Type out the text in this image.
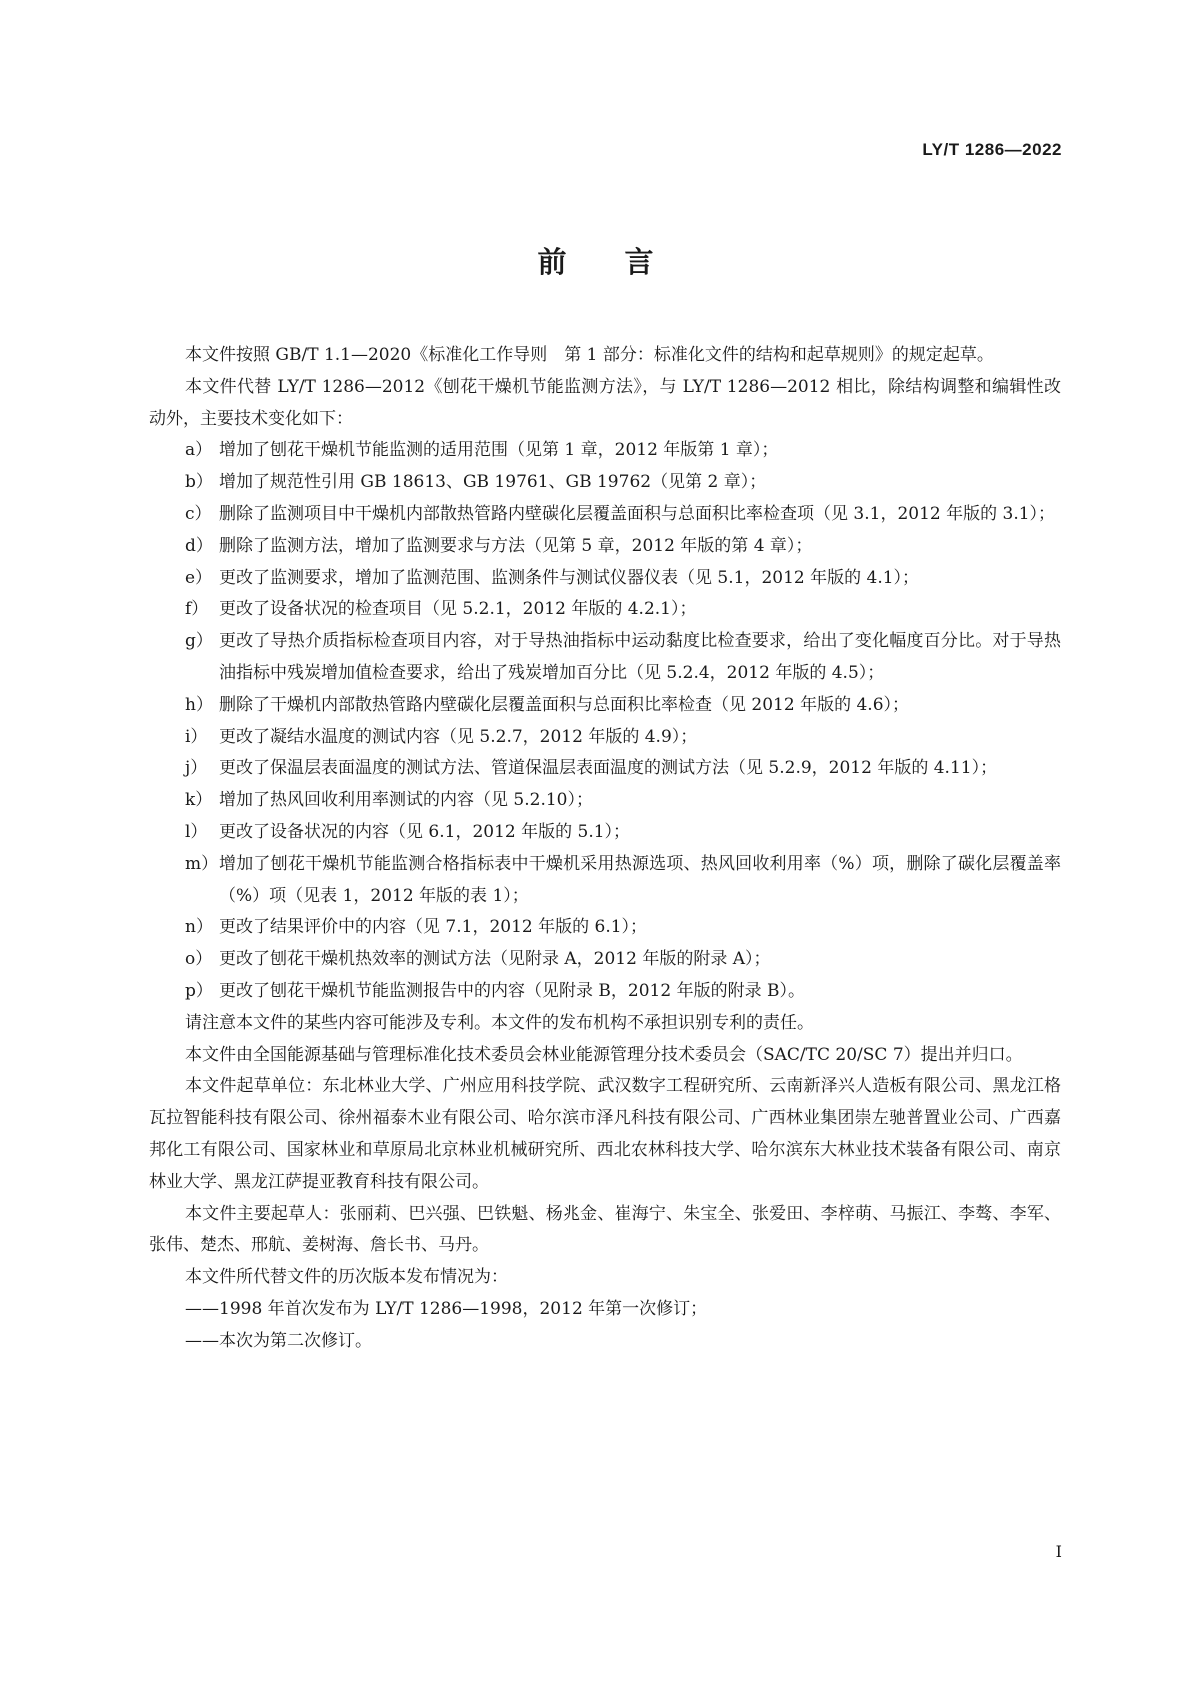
LY/T 1286—2022
前言

本文件按照 GB/T 1.1—2020《标准化工作导则　第 1 部分：标准化文件的结构和起草规则》的规定起草。

本文件代替 LY/T 1286—2012《刨花干燥机节能监测方法》，与 LY/T 1286—2012 相比，除结构调整和编辑性改动外，主要技术变化如下：

a） 增加了刨花干燥机节能监测的适用范围（见第 1 章，2012 年版第 1 章）；

b） 增加了规范性引用 GB 18613、GB 19761、GB 19762（见第 2 章）；

c） 删除了监测项目中干燥机内部散热管路内壁碳化层覆盖面积与总面积比率检查项（见 3.1，2012 年版的 3.1）；

d） 删除了监测方法，增加了监测要求与方法（见第 5 章，2012 年版的第 4 章）；

e） 更改了监测要求，增加了监测范围、监测条件与测试仪器仪表（见 5.1，2012 年版的 4.1）；

f） 更改了设备状况的检查项目（见 5.2.1，2012 年版的 4.2.1）；

g） 更改了导热介质指标检查项目内容，对于导热油指标中运动黏度比检查要求，给出了变化幅度百分比。对于导热油指标中残炭增加值检查要求，给出了残炭增加百分比（见 5.2.4，2012 年版的 4.5）；

h） 删除了干燥机内部散热管路内壁碳化层覆盖面积与总面积比率检查（见 2012 年版的 4.6）；

i） 更改了凝结水温度的测试内容（见 5.2.7，2012 年版的 4.9）；

j） 更改了保温层表面温度的测试方法、管道保温层表面温度的测试方法（见 5.2.9，2012 年版的 4.11）；

k） 增加了热风回收利用率测试的内容（见 5.2.10）；

l） 更改了设备状况的内容（见 6.1，2012 年版的 5.1）；

m） 增加了刨花干燥机节能监测合格指标表中干燥机采用热源选项、热风回收利用率（%）项，删除了碳化层覆盖率（%）项（见表 1，2012 年版的表 1）；

n） 更改了结果评价中的内容（见 7.1，2012 年版的 6.1）；

o） 更改了刨花干燥机热效率的测试方法（见附录 A，2012 年版的附录 A）；

p） 更改了刨花干燥机节能监测报告中的内容（见附录 B，2012 年版的附录 B）。

请注意本文件的某些内容可能涉及专利。本文件的发布机构不承担识别专利的责任。

本文件由全国能源基础与管理标准化技术委员会林业能源管理分技术委员会（SAC/TC 20/SC 7）提出并归口。

本文件起草单位：东北林业大学、广州应用科技学院、武汉数字工程研究所、云南新泽兴人造板有限公司、黑龙江格瓦拉智能科技有限公司、徐州福泰木业有限公司、哈尔滨市泽凡科技有限公司、广西林业集团崇左驰普置业公司、广西嘉邦化工有限公司、国家林业和草原局北京林业机械研究所、西北农林科技大学、哈尔滨东大林业技术装备有限公司、南京林业大学、黑龙江萨提亚教育科技有限公司。

本文件主要起草人：张丽莉、巴兴强、巴铁魁、杨兆金、崔海宁、朱宝全、张爱田、李梓萌、马振江、李骜、李军、张伟、楚杰、邢航、姜树海、詹长书、马丹。

本文件所代替文件的历次版本发布情况为：

——1998 年首次发布为 LY/T 1286—1998，2012 年第一次修订；

——本次为第二次修订。

I
